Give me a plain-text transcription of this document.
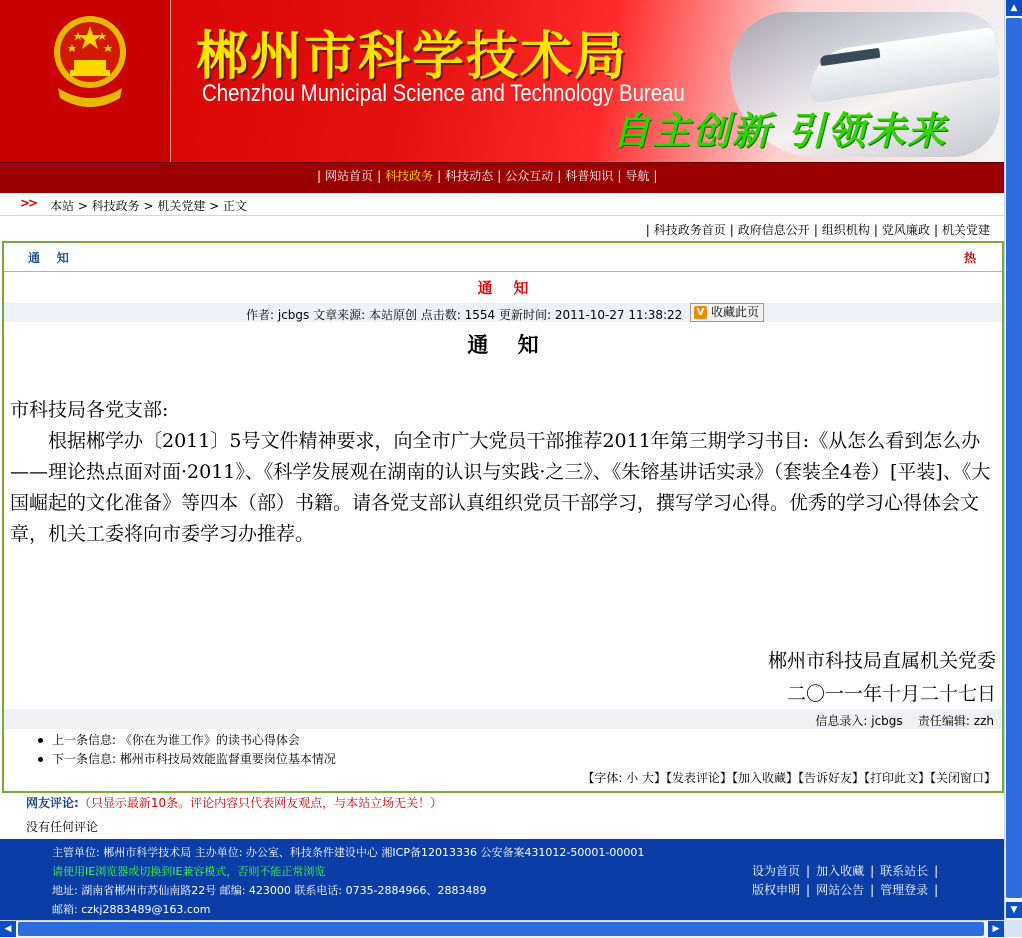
郴州市科学技术局
Chenzhou Municipal Science and Technology Bureau
自主创新 引领未来
| 网站首页 | 科技政务 | 科技动态 | 公众互动 | 科普知识 | 导航 |
>> 本站 > 科技政务 > 机关党建 > 正文
| 科技政务首页 | 政府信息公开 | 组织机构 | 党风廉政 | 机关党建
通    知	热
通    知
作者: jcbgs 文章来源: 本站原创 点击数: 1554 更新时间: 2011-10-27 11:38:22 V 收藏此页
通    知

市科技局各党支部:

　　根据郴学办〔2011〕5号文件精神要求，向全市广大党员干部推荐2011年第三期学习书目:《从怎么看到怎么办——理论热点面对面·2011》、《科学发展观在湖南的认识与实践·之三》、《朱镕基讲话实录》（套装全4卷）[平装]、《大国崛起的文化准备》等四本（部）书籍。请各党支部认真组织党员干部学习，撰写学习心得。优秀的学习心得体会文章，机关工委将向市委学习办推荐。

郴州市科技局直属机关党委
二〇一一年十月二十七日
信息录入: jcbgs    责任编辑: zzh
上一条信息: 《你在为谁工作》的读书心得体会
下一条信息: 郴州市科技局效能监督重要岗位基本情况
【字体: 小 大】【发表评论】【加入收藏】【告诉好友】【打印此文】【关闭窗口】
网友评论:（只显示最新10条。评论内容只代表网友观点，与本站立场无关！）
没有任何评论
主管单位: 郴州市科学技术局 主办单位: 办公室、科技条件建设中心 湘ICP备12013336 公安备案431012-50001-00001
请使用IE浏览器或切换到IE兼容模式，否则不能正常浏览
地址: 湖南省郴州市苏仙南路22号 邮编: 423000 联系电话: 0735-2884966、2883489
邮箱: czkj2883489@163.com
设为首页 | 加入收藏 | 联系站长 |
版权申明 | 网站公告 | 管理登录 |
▲
▼
◀	▶
